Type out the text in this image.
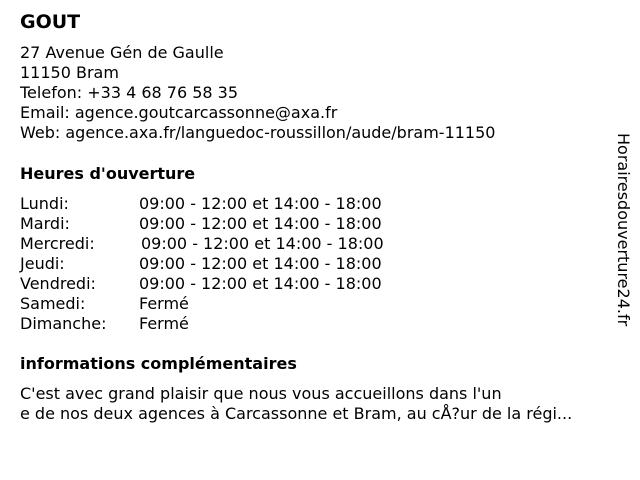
GOUT
27 Avenue Gén de Gaulle
11150 Bram
Telefon: +33 4 68 76 58 35
Email: agence.goutcarcassonne@axa.fr
Web: agence.axa.fr/languedoc-roussillon/aude/bram-11150
Heures d'ouverture
Lundi:	09:00 - 12:00 et 14:00 - 18:00
Mardi:	09:00 - 12:00 et 14:00 - 18:00
Mercredi:	09:00 - 12:00 et 14:00 - 18:00
Jeudi:	09:00 - 12:00 et 14:00 - 18:00
Vendredi:	09:00 - 12:00 et 14:00 - 18:00
Samedi:	Fermé
Dimanche:	Fermé
informations complémentaires
C'est avec grand plaisir que nous vous accueillons dans l'un
e de nos deux agences à Carcassonne et Bram, au cÅ?ur de la régi...
Horairesdouverture24.fr
